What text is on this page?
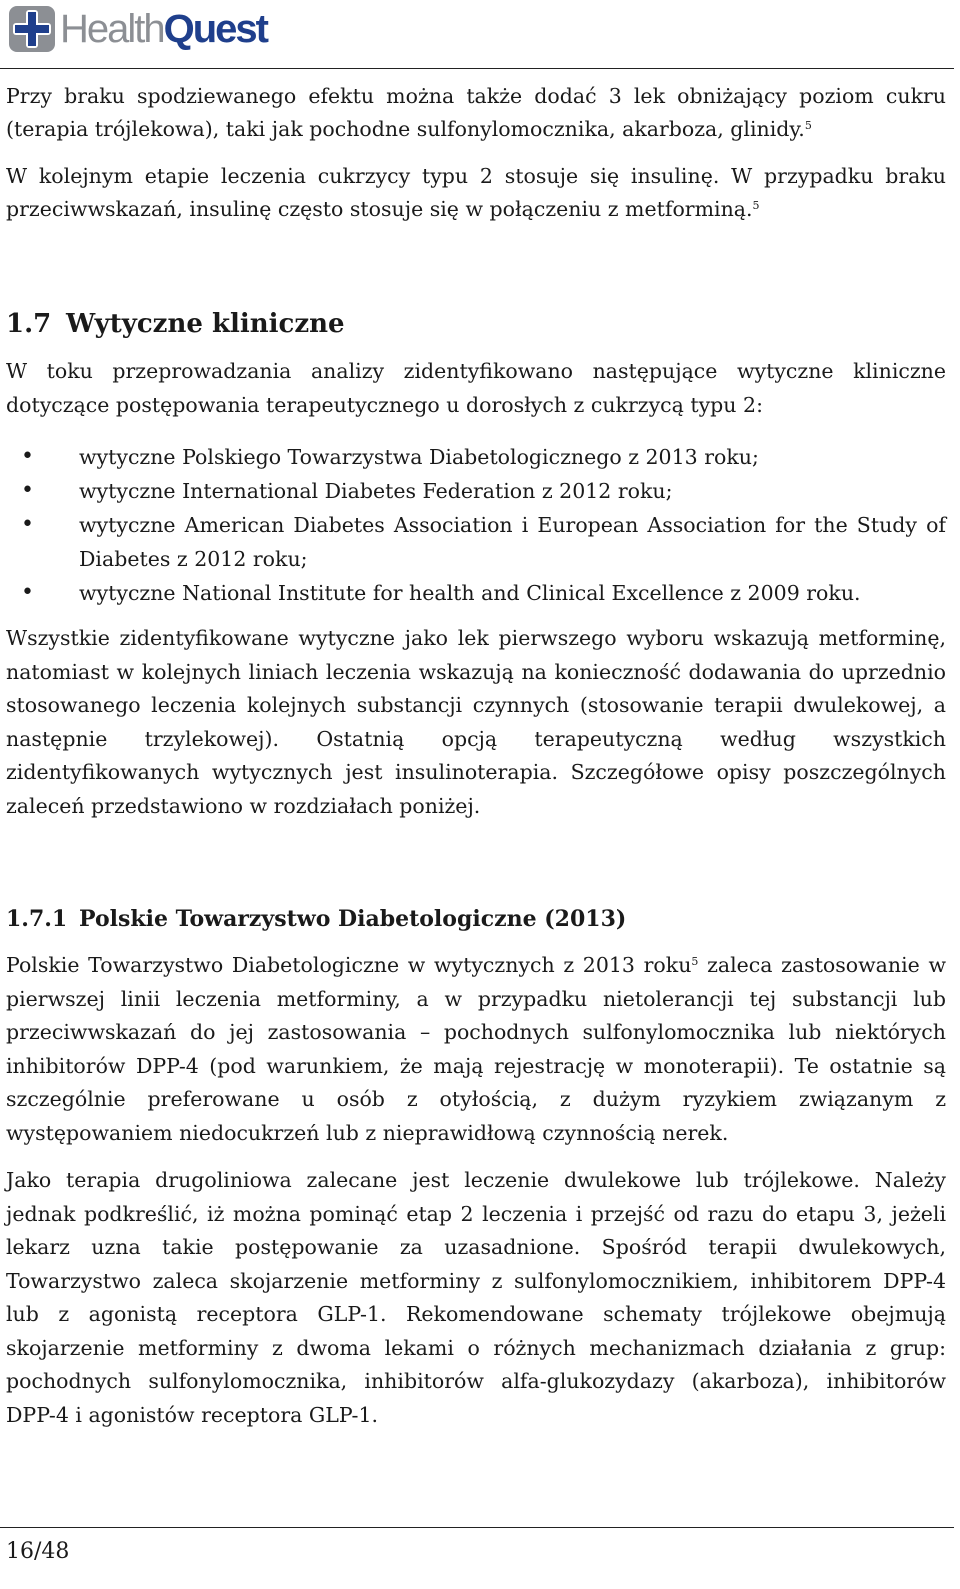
HealthQuest

Przy braku spodziewanego efektu można także dodać 3 lek obniżający poziom cukru (terapia trójlekowa), taki jak pochodne sulfonylomocznika, akarboza, glinidy.$^5$

W kolejnym etapie leczenia cukrzycy typu 2 stosuje się insulinę. W przypadku braku przeciwwskazań, insulinę często stosuje się w połączeniu z metforminą.$^5$

1.7 Wytyczne kliniczne

W toku przeprowadzania analizy zidentyfikowano następujące wytyczne kliniczne dotyczące postępowania terapeutycznego u dorosłych z cukrzycą typu 2:

• wytyczne Polskiego Towarzystwa Diabetologicznego z 2013 roku;
• wytyczne International Diabetes Federation z 2012 roku;
• wytyczne American Diabetes Association i European Association for the Study of Diabetes z 2012 roku;
• wytyczne National Institute for health and Clinical Excellence z 2009 roku.

Wszystkie zidentyfikowane wytyczne jako lek pierwszego wyboru wskazują metforminę, natomiast w kolejnych liniach leczenia wskazują na konieczność dodawania do uprzednio stosowanego leczenia kolejnych substancji czynnych (stosowanie terapii dwulekowej, a następnie trzylekowej). Ostatnią opcją terapeutyczną według wszystkich zidentyfikowanych wytycznych jest insulinoterapia. Szczegółowe opisy poszczególnych zaleceń przedstawiono w rozdziałach poniżej.

1.7.1 Polskie Towarzystwo Diabetologiczne (2013)

Polskie Towarzystwo Diabetologiczne w wytycznych z 2013 roku$^5$ zaleca zastosowanie w pierwszej linii leczenia metforminy, a w przypadku nietolerancji tej substancji lub przeciwwskazań do jej zastosowania – pochodnych sulfonylomocznika lub niektórych inhibitorów DPP-4 (pod warunkiem, że mają rejestrację w monoterapii). Te ostatnie są szczególnie preferowane u osób z otyłością, z dużym ryzykiem związanym z występowaniem niedocukrzeń lub z nieprawidłową czynnością nerek.

Jako terapia drugoliniowa zalecane jest leczenie dwulekowe lub trójlekowe. Należy jednak podkreślić, iż można pominąć etap 2 leczenia i przejść od razu do etapu 3, jeżeli lekarz uzna takie postępowanie za uzasadnione. Spośród terapii dwulekowych, Towarzystwo zaleca skojarzenie metforminy z sulfonylomocznikiem, inhibitorem DPP-4 lub z agonistą receptora GLP-1. Rekomendowane schematy trójlekowe obejmują skojarzenie metforminy z dwoma lekami o różnych mechanizmach działania z grup: pochodnych sulfonylomocznika, inhibitorów alfa-glukozydazy (akarboza), inhibitorów DPP-4 i agonistów receptora GLP-1.

16/48
